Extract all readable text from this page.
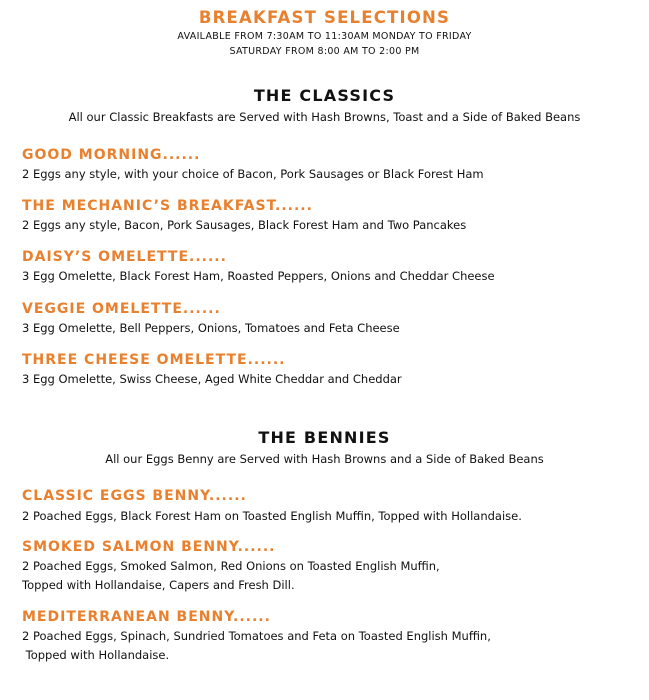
BREAKFAST SELECTIONS
AVAILABLE FROM 7:30AM TO 11:30AM MONDAY TO FRIDAY
SATURDAY FROM 8:00 AM TO 2:00 PM
THE CLASSICS
All our Classic Breakfasts are Served with Hash Browns, Toast and a Side of Baked Beans
GOOD MORNING......
2 Eggs any style, with your choice of Bacon, Pork Sausages or Black Forest Ham
THE MECHANIC’S BREAKFAST......
2 Eggs any style, Bacon, Pork Sausages, Black Forest Ham and Two Pancakes
DAISY’S OMELETTE......
3 Egg Omelette, Black Forest Ham, Roasted Peppers, Onions and Cheddar Cheese
VEGGIE OMELETTE......
3 Egg Omelette, Bell Peppers, Onions, Tomatoes and Feta Cheese
THREE CHEESE OMELETTE......
3 Egg Omelette, Swiss Cheese, Aged White Cheddar and Cheddar
THE BENNIES
All our Eggs Benny are Served with Hash Browns and a Side of Baked Beans
CLASSIC EGGS BENNY......
2 Poached Eggs, Black Forest Ham on Toasted English Muffin, Topped with Hollandaise.
SMOKED SALMON BENNY......
2 Poached Eggs, Smoked Salmon, Red Onions on Toasted English Muffin,
Topped with Hollandaise, Capers and Fresh Dill.
MEDITERRANEAN BENNY......
2 Poached Eggs, Spinach, Sundried Tomatoes and Feta on Toasted English Muffin,
Topped with Hollandaise.
